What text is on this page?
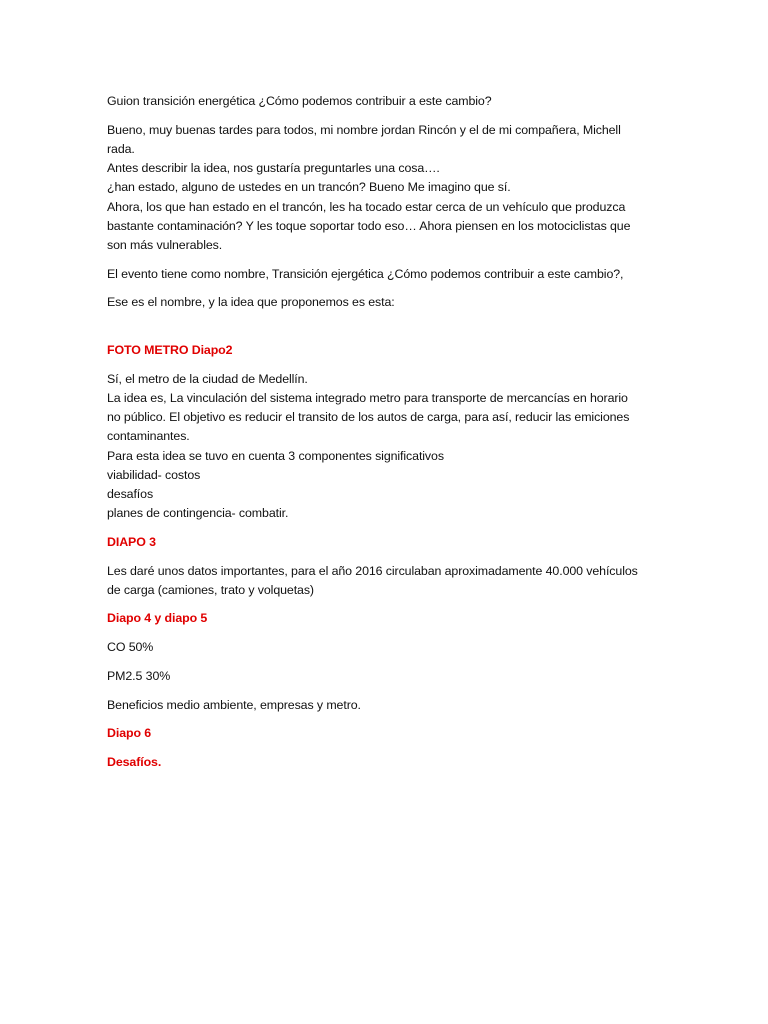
Guion transición energética ¿Cómo podemos contribuir a este cambio?

Bueno, muy buenas tardes para todos, mi nombre jordan Rincón y el de mi compañera, Michell
rada.
Antes describir la idea, nos gustaría preguntarles una cosa….
¿han estado, alguno de ustedes en un trancón? Bueno Me imagino que sí.
Ahora, los que han estado en el trancón, les ha tocado estar cerca de un vehículo que produzca
bastante contaminación? Y les toque soportar todo eso… Ahora piensen en los motociclistas que
son más vulnerables.

El evento tiene como nombre, Transición ejergética ¿Cómo podemos contribuir a este cambio?,

Ese es el nombre, y la idea que proponemos es esta:

FOTO METRO Diapo2

Sí, el metro de la ciudad de Medellín.
La idea es, La vinculación del sistema integrado metro para transporte de mercancías en horario
no público. El objetivo es reducir el transito de los autos de carga, para así, reducir las emiciones
contaminantes.
Para esta idea se tuvo en cuenta 3 componentes significativos
viabilidad- costos
desafíos
planes de contingencia- combatir.

DIAPO 3

Les daré unos datos importantes, para el año 2016 circulaban aproximadamente 40.000 vehículos
de carga (camiones, trato y volquetas)

Diapo 4 y diapo 5

CO 50%

PM2.5 30%

Beneficios medio ambiente, empresas y metro.

Diapo 6

Desafíos.
